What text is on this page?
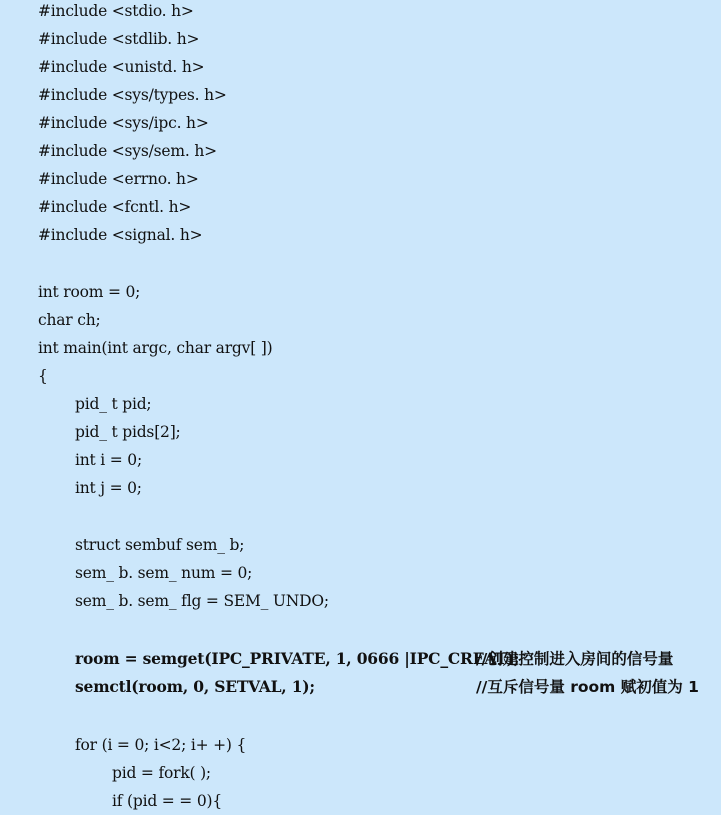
#include <stdio. h>
#include <stdlib. h>
#include <unistd. h>
#include <sys/types. h>
#include <sys/ipc. h>
#include <sys/sem. h>
#include <errno. h>
#include <fcntl. h>
#include <signal. h>
int room = 0;
char ch;
int main(int argc, char argv[ ])
{
pid_ t pid;
pid_ t pids[2];
int i = 0;
int j = 0;
struct sembuf sem_ b;
sem_ b. sem_ num = 0;
sem_ b. sem_ flg = SEM_ UNDO;
room = semget(IPC_PRIVATE, 1, 0666 |IPC_CREAT);
//创建控制进入房间的信号量
semctl(room, 0, SETVAL, 1);	//互斥信号量 room 赋初值为 1
for (i = 0; i<2; i+ +) {
pid = fork( );
if (pid = = 0){
